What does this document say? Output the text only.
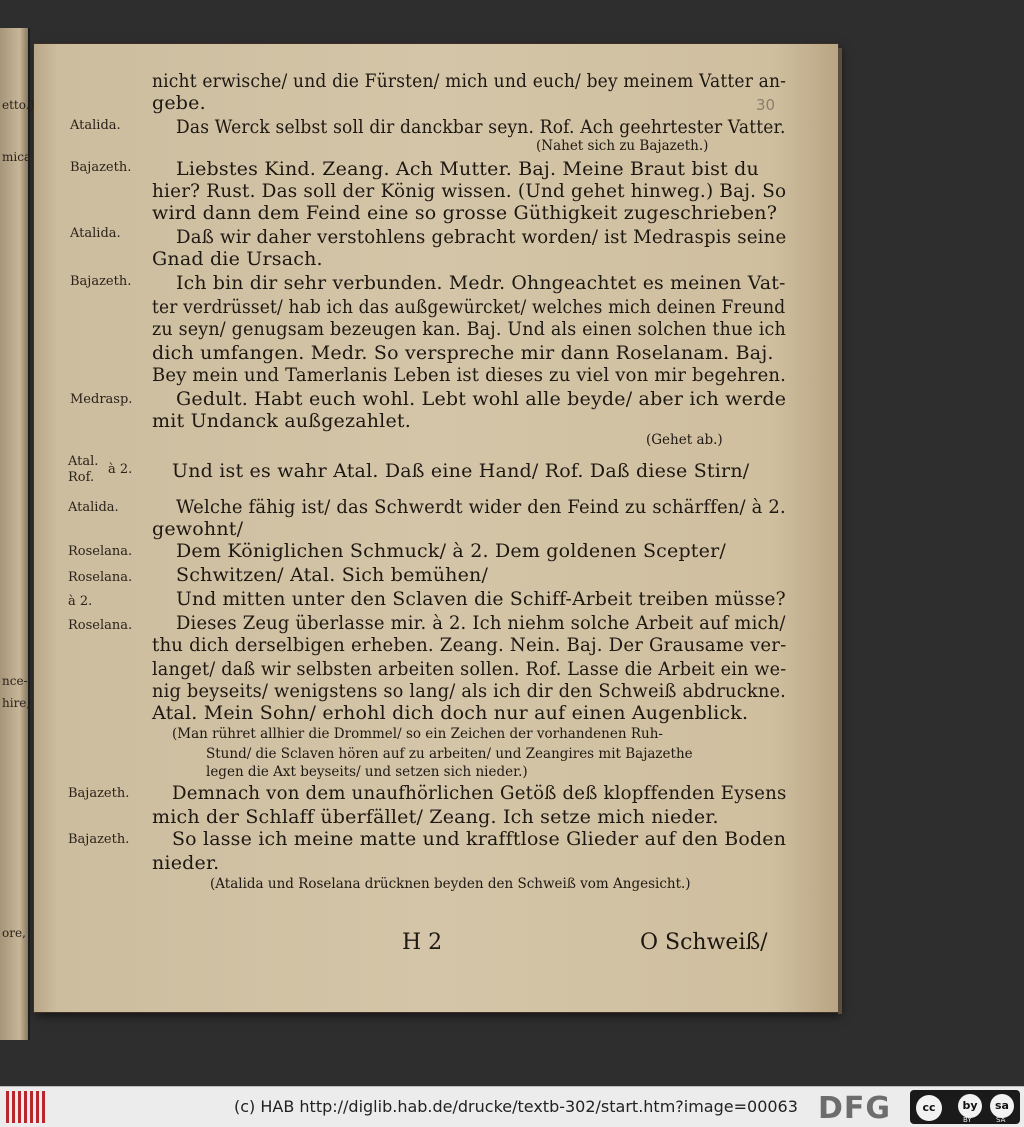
etto.)
mica
nce-
hire,
ore,
30
Atalida.
Bajazeth.
Atalida.
Bajazeth.
Medrasp.
Atal.
Rof.
à 2.
Atalida.
Roselana.
Roselana.
à 2.
Roselana.
Bajazeth.
Bajazeth.
nicht erwische/ und die Fürsten/ mich und euch/ bey meinem Vatter an-
gebe.
Das Werck selbst soll dir danckbar seyn. Rof. Ach geehrtester Vatter.
(Nahet sich zu Bajazeth.)
Liebstes Kind. Zeang. Ach Mutter. Baj. Meine Braut bist du
hier? Rust. Das soll der König wissen. (Und gehet hinweg.) Baj. So
wird dann dem Feind eine so grosse Güthigkeit zugeschrieben?
Daß wir daher verstohlens gebracht worden/ ist Medraspis seine
Gnad die Ursach.
Ich bin dir sehr verbunden. Medr. Ohngeachtet es meinen Vat-
ter verdrüsset/ hab ich das außgewürcket/ welches mich deinen Freund
zu seyn/ genugsam bezeugen kan. Baj. Und als einen solchen thue ich
dich umfangen. Medr. So verspreche mir dann Roselanam. Baj.
Bey mein und Tamerlanis Leben ist dieses zu viel von mir begehren.
Gedult. Habt euch wohl. Lebt wohl alle beyde/ aber ich werde
mit Undanck außgezahlet.
(Gehet ab.)
Und ist es wahr Atal. Daß eine Hand/ Rof. Daß diese Stirn/
Welche fähig ist/ das Schwerdt wider den Feind zu schärffen/ à 2.
gewohnt/
Dem Königlichen Schmuck/ à 2. Dem goldenen Scepter/
Schwitzen/ Atal. Sich bemühen/
Und mitten unter den Sclaven die Schiff-Arbeit treiben müsse?
Dieses Zeug überlasse mir. à 2. Ich niehm solche Arbeit auf mich/
thu dich derselbigen erheben. Zeang. Nein. Baj. Der Grausame ver-
langet/ daß wir selbsten arbeiten sollen. Rof. Lasse die Arbeit ein we-
nig beyseits/ wenigstens so lang/ als ich dir den Schweiß abdruckne.
Atal. Mein Sohn/ erhohl dich doch nur auf einen Augenblick.
(Man rühret allhier die Drommel/ so ein Zeichen der vorhandenen Ruh-
Stund/ die Sclaven hören auf zu arbeiten/ und Zeangires mit Bajazethe
legen die Axt beyseits/ und setzen sich nieder.)
Demnach von dem unaufhörlichen Getöß deß klopffenden Eysens
mich der Schlaff überfället/ Zeang. Ich setze mich nieder.
So lasse ich meine matte und krafftlose Glieder auf den Boden
nieder.
(Atalida und Roselana drücknen beyden den Schweiß vom Angesicht.)
H 2	O Schweiß/
(c) HAB http://diglib.hab.de/drucke/textb-302/start.htm?image=00063 DFG	cc	by	sa
BY	SA
